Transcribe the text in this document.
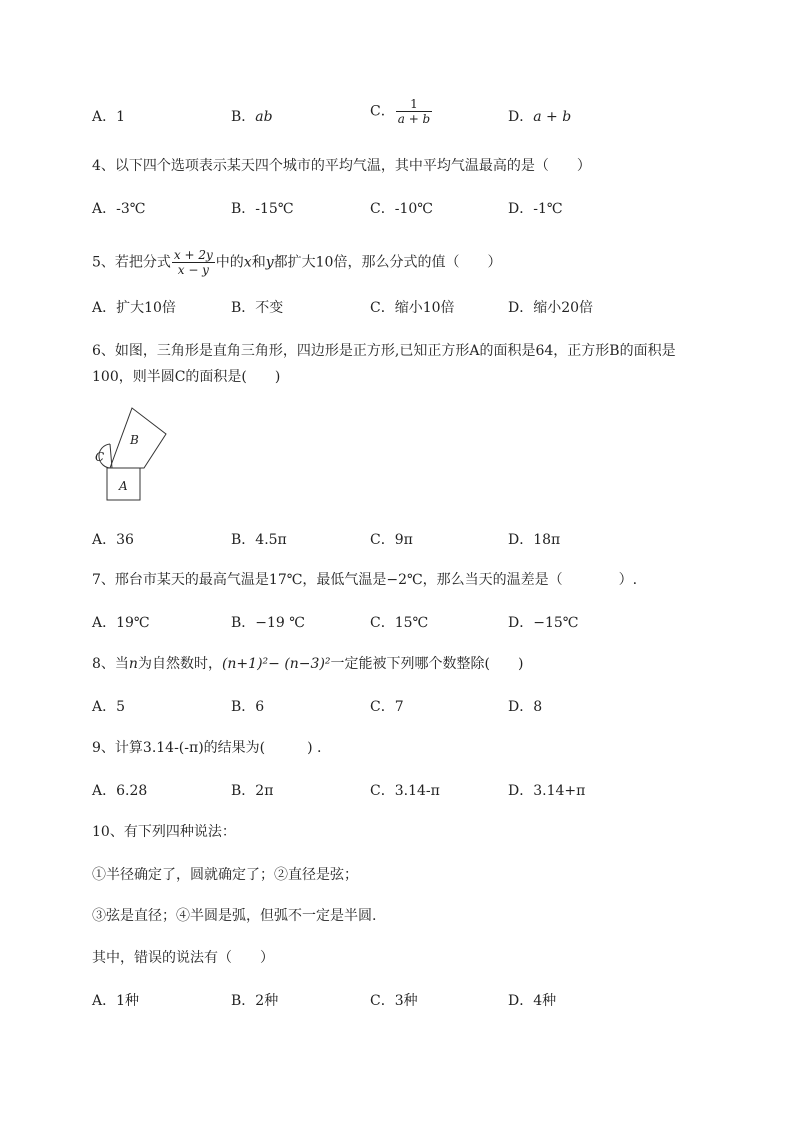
A．1	B．ab	C． $\frac{1}{a + b}$	D．a + b
4、以下四个选项表示某天四个城市的平均气温，其中平均气温最高的是（　　）
A．-3℃	B．-15℃	C．-10℃	D．-1℃
5、若把分式 $\frac{x + 2y}{x - y}$ 中的x和y都扩大10倍，那么分式的值（　　）
A．扩大10倍	B．不变	C．缩小10倍	D．缩小20倍
6、如图，三角形是直角三角形，四边形是正方形,已知正方形A的面积是64，正方形B的面积是
100，则半圆C的面积是(　　)
B
A
C
A．36	B．4.5π	C．9π	D．18π
7、邢台市某天的最高气温是17℃，最低气温是−2℃，那么当天的温差是（　　　　）.
A．19℃	B．−19 ℃	C．15℃	D．−15℃
8、当n为自然数时，(n+1)²− (n−3)²一定能被下列哪个数整除(　　)
A．5	B．6	C．7	D．8
9、计算3.14-(-π)的结果为(　　　) .
A．6.28	B．2π	C．3.14-π	D．3.14+π
10、有下列四种说法：
①半径确定了，圆就确定了；②直径是弦；
③弦是直径；④半圆是弧，但弧不一定是半圆.
其中，错误的说法有（　　）
A．1种	B．2种	C．3种	D．4种
